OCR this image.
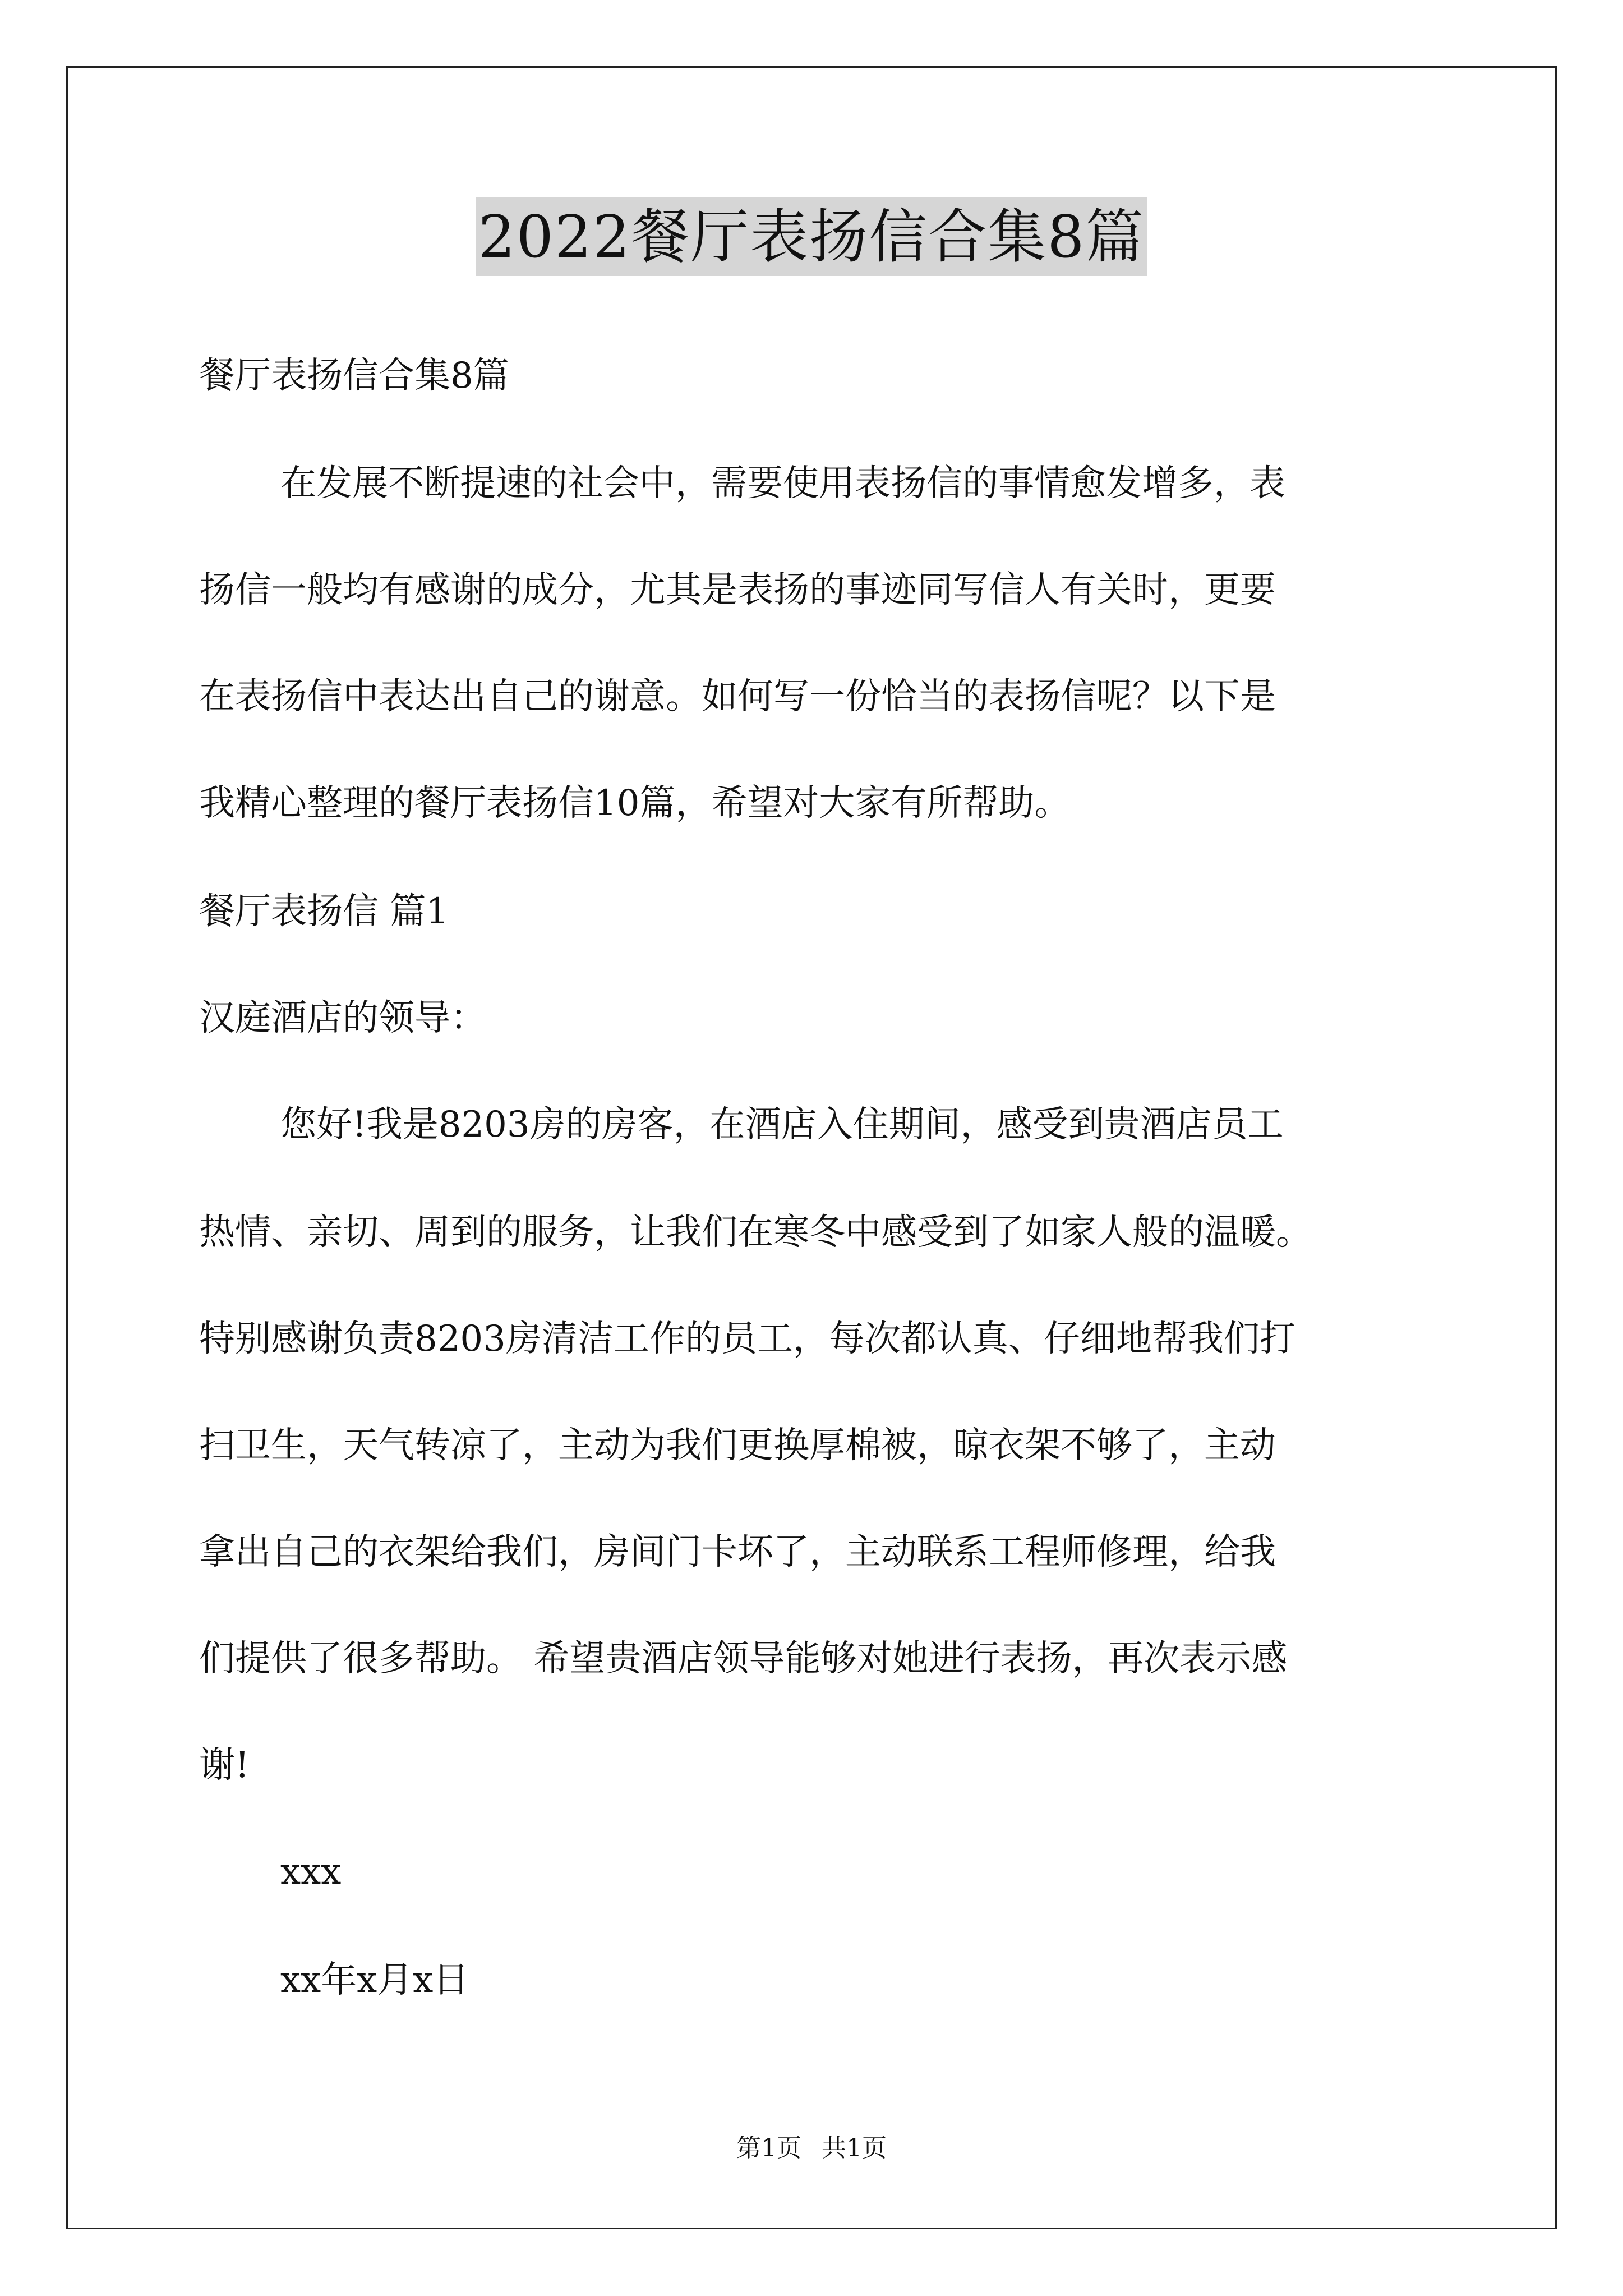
2022餐厅表扬信合集8篇
餐厅表扬信合集8篇
在发展不断提速的社会中，需要使用表扬信的事情愈发增多，表
扬信一般均有感谢的成分，尤其是表扬的事迹同写信人有关时，更要
在表扬信中表达出自己的谢意。如何写一份恰当的表扬信呢？以下是
我精心整理的餐厅表扬信10篇，希望对大家有所帮助。
餐厅表扬信 篇1
汉庭酒店的领导：
您好!我是8203房的房客，在酒店入住期间，感受到贵酒店员工
热情、亲切、周到的服务，让我们在寒冬中感受到了如家人般的温暖。
特别感谢负责8203房清洁工作的员工，每次都认真、仔细地帮我们打
扫卫生，天气转凉了，主动为我们更换厚棉被，晾衣架不够了，主动
拿出自己的衣架给我们，房间门卡坏了，主动联系工程师修理，给我
们提供了很多帮助。 希望贵酒店领导能够对她进行表扬，再次表示感
谢!
xxx
xx年x月x日
第1页 共1页
